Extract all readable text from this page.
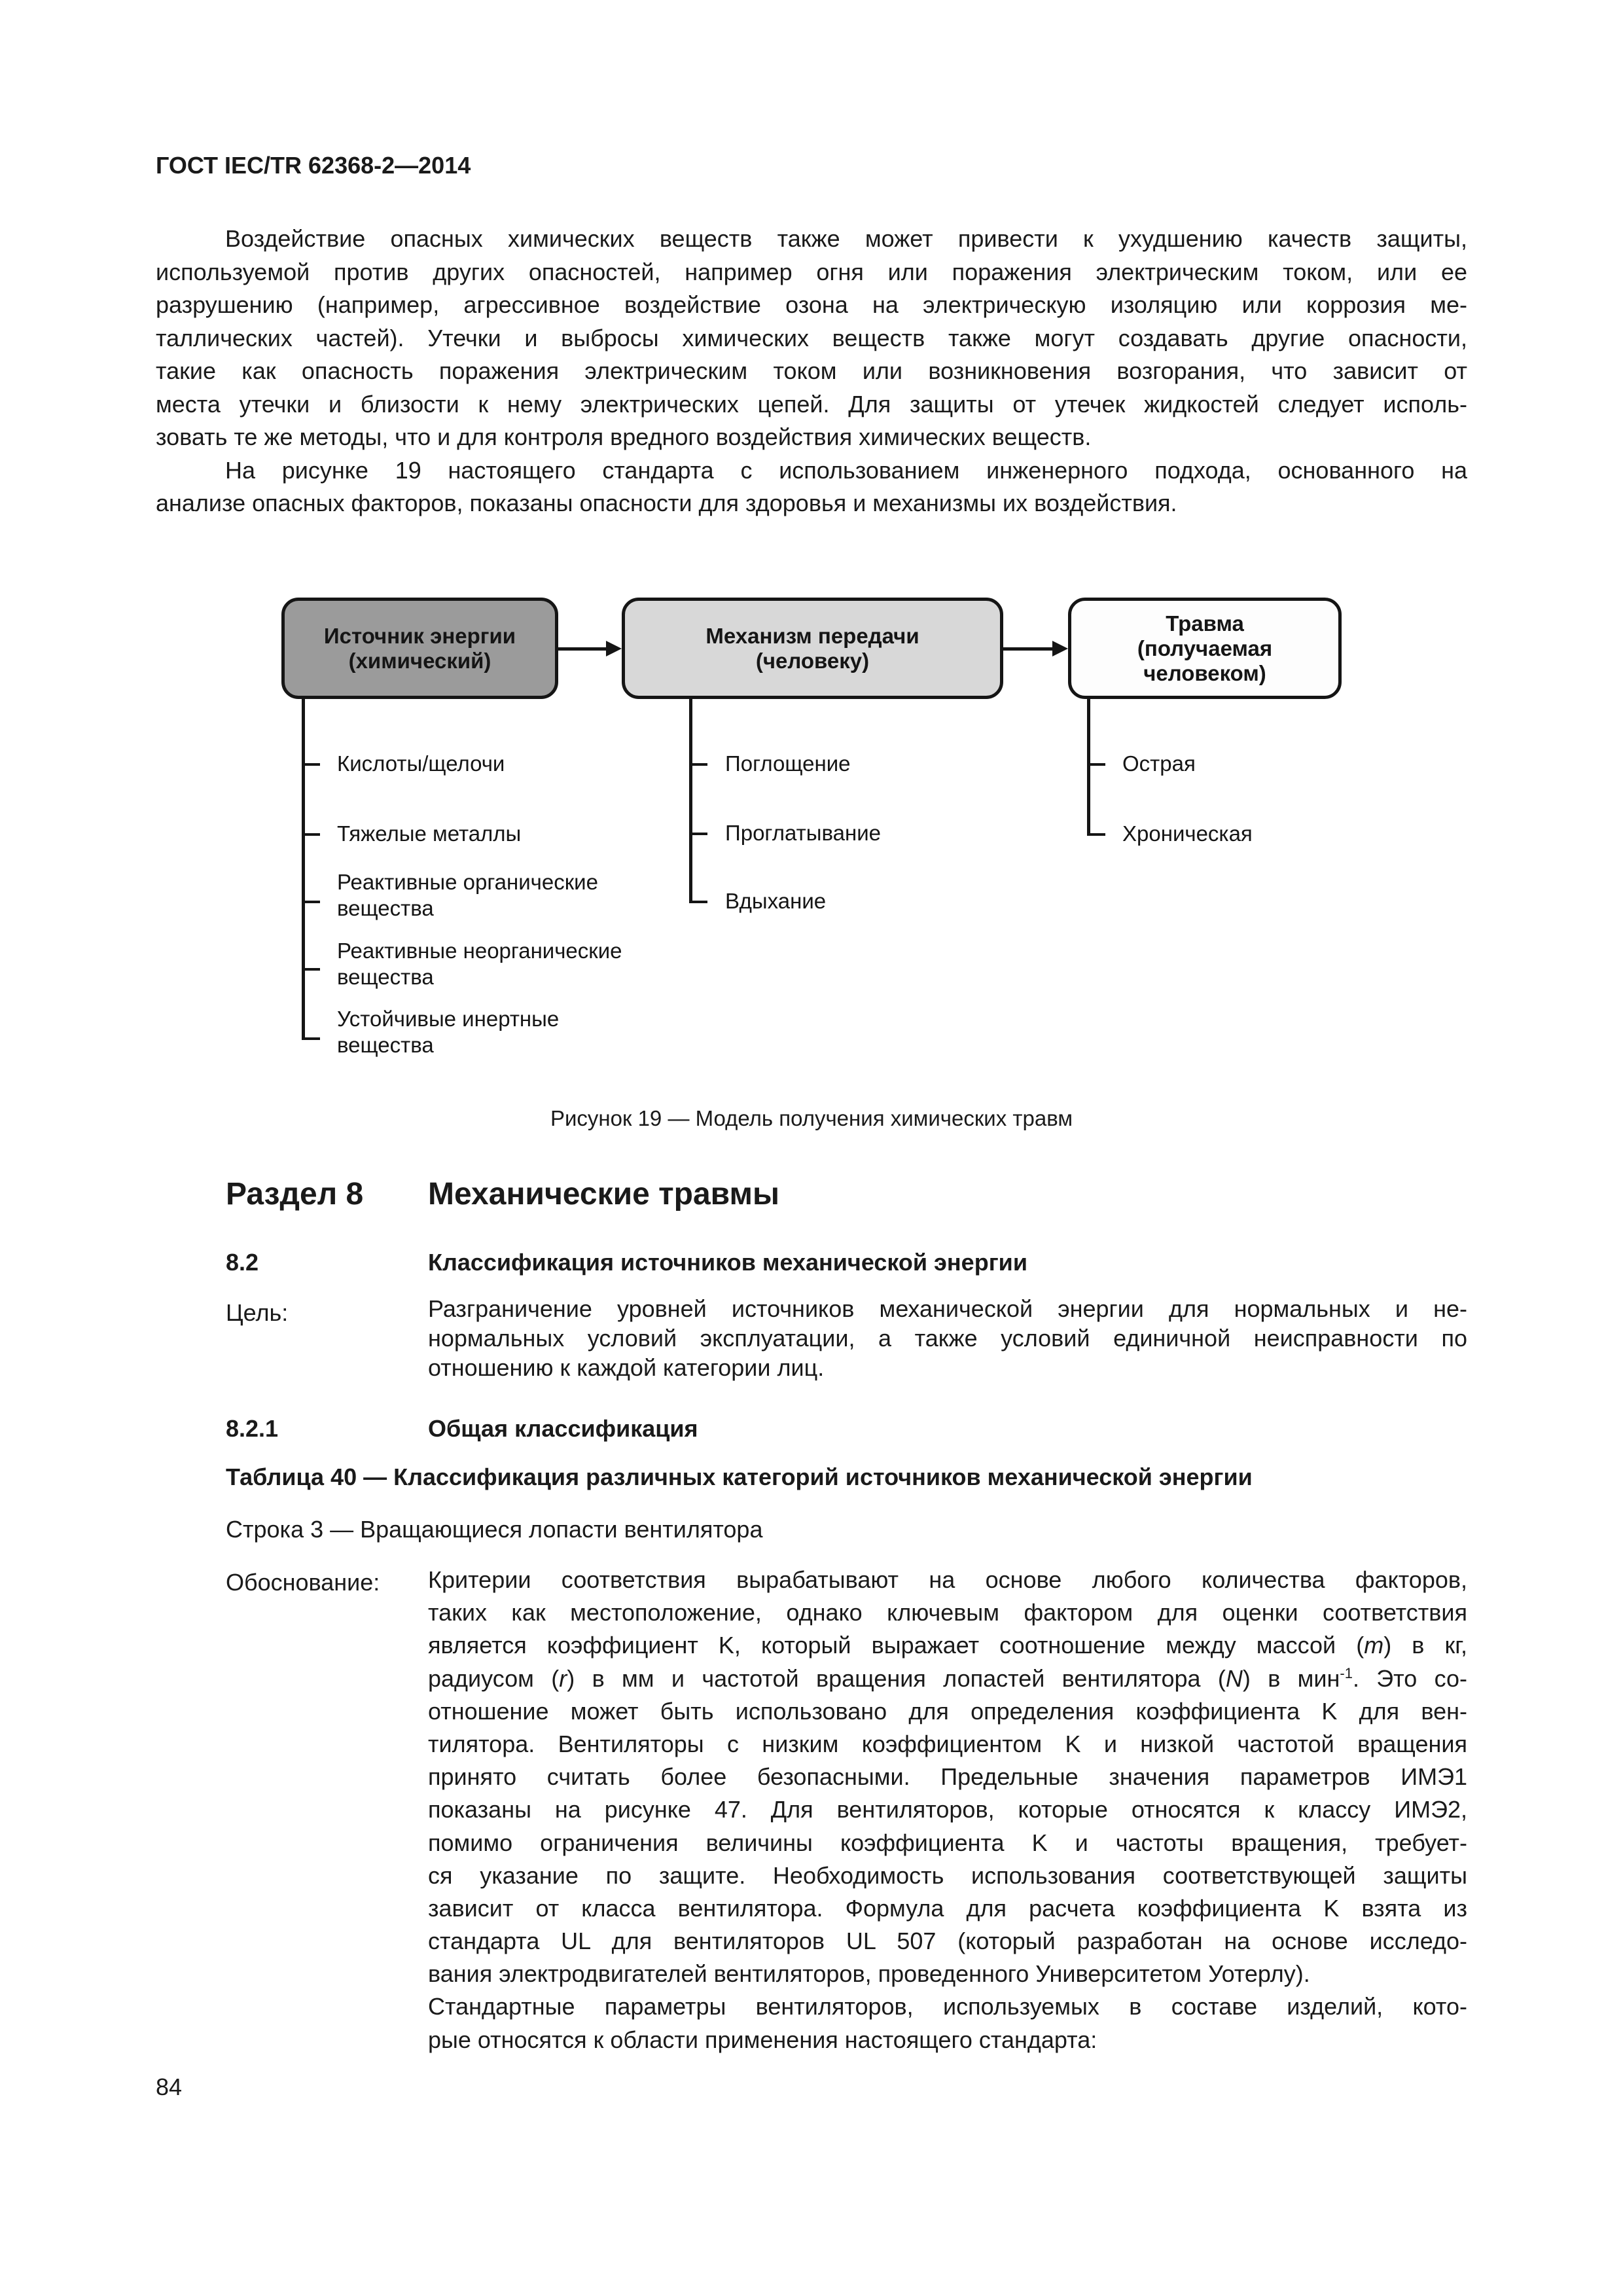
ГОСТ IEC/TR 62368-2—2014
Воздействие опасных химических веществ также может привести к ухудшению качеств защиты,
используемой против других опасностей, например огня или поражения электрическим током, или ее
разрушению (например, агрессивное воздействие озона на электрическую изоляцию или коррозия ме-
таллических частей). Утечки и выбросы химических веществ также могут создавать другие опасности,
такие как опасность поражения электрическим током или возникновения возгорания, что зависит от
места утечки и близости к нему электрических цепей. Для защиты от утечек жидкостей следует исполь-
зовать те же методы, что и для контроля вредного воздействия химических веществ.
На рисунке 19 настоящего стандарта с использованием инженерного подхода, основанного на
анализе опасных факторов, показаны опасности для здоровья и механизмы их воздействия.
Источник энергии
(химический)
Механизм передачи
(человеку)
Травма
(получаемая
человеком)
Кислоты/щелочи
Тяжелые металлы
Реактивные органические
вещества
Реактивные неорганические
вещества
Устойчивые инертные
вещества
Поглощение
Проглатывание
Вдыхание
Острая
Хроническая
Рисунок 19 — Модель получения химических травм
Раздел 8 Механические травмы
8.2	Классификация источников механической энергии
Цель:	Разграничение уровней источников механической энергии для нормальных и не-
нормальных условий эксплуатации, а также условий единичной неисправности по
отношению к каждой категории лиц.
8.2.1	Общая классификация
Таблица 40 — Классификация различных категорий источников механической энергии
Строка 3 — Вращающиеся лопасти вентилятора
Обоснование: Критерии соответствия вырабатывают на основе любого количества факторов,
таких как местоположение, однако ключевым фактором для оценки соответствия
является коэффициент K, который выражает соотношение между массой (m) в кг,
радиусом (r) в мм и частотой вращения лопастей вентилятора (N) в мин$^{-1}$. Это со-
отношение может быть использовано для определения коэффициента K для вен-
тилятора. Вентиляторы с низким коэффициентом K и низкой частотой вращения
принято считать более безопасными. Предельные значения параметров ИМЭ1
показаны на рисунке 47. Для вентиляторов, которые относятся к классу ИМЭ2,
помимо ограничения величины коэффициента K и частоты вращения, требует-
ся указание по защите. Необходимость использования соответствующей защиты
зависит от класса вентилятора. Формула для расчета коэффициента K взята из
стандарта UL для вентиляторов UL 507 (который разработан на основе исследо-
вания электродвигателей вентиляторов, проведенного Университетом Уотерлу).
Стандартные параметры вентиляторов, используемых в составе изделий, кото-
рые относятся к области применения настоящего стандарта:
84
